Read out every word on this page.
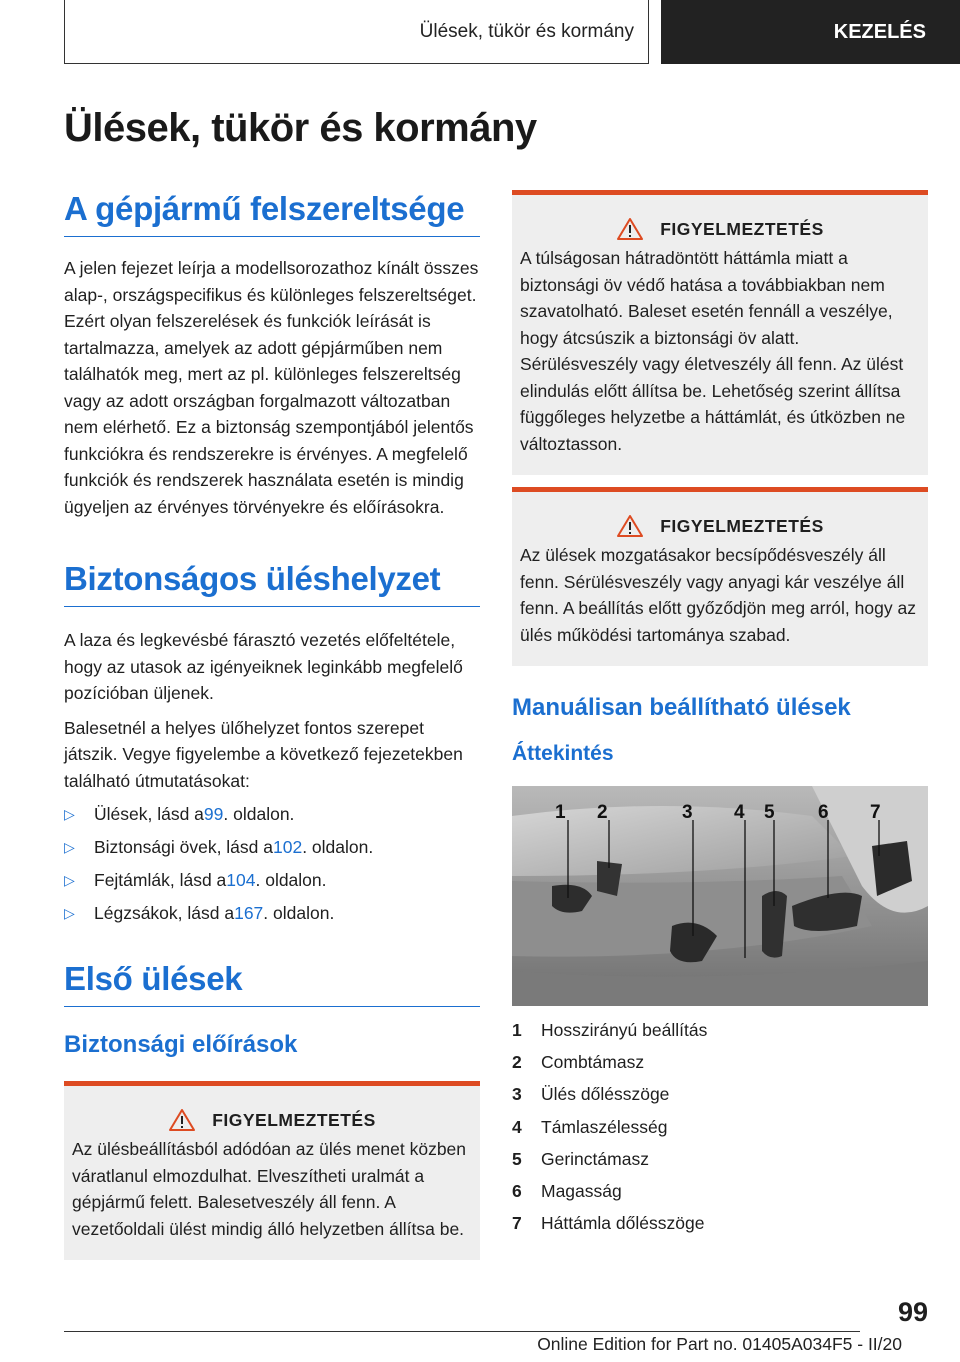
Ülések, tükör és kormány	KEZELÉS
Ülések, tükör és kormány
A gépjármű felszereltsége

A jelen fejezet leírja a modellsorozathoz kínált összes alap-, országspecifikus és különleges felszereltséget. Ezért olyan felszerelések és funkciók leírását is tartalmazza, amelyek az adott gépjárműben nem találhatók meg, mert az pl. különleges felszereltség vagy az adott országban forgalmazott változatban nem elérhető. Ez a biztonság szempontjából jelentős funkciókra és rendszerekre is érvényes. A megfelelő funkciók és rendszerek használata esetén is mindig ügyeljen az érvényes törvényekre és előírásokra.

Biztonságos üléshelyzet

A laza és legkevésbé fárasztó vezetés előfeltétele, hogy az utasok az igényeiknek leginkább megfelelő pozícióban üljenek.

Balesetnél a helyes ülőhelyzet fontos szerepet játszik. Vegye figyelembe a következő fejezetekben található útmutatásokat:

▷	Ülések, lásd a 99 . oldalon.
▷	Biztonsági övek, lásd a 102 . oldalon.
▷	Fejtámlák, lásd a 104 . oldalon.
▷	Légzsákok, lásd a 167 . oldalon.
Első ülések
Biztonsági előírások
FIGYELMEZTETÉS

Az ülésbeállításból adódóan az ülés menet közben váratlanul elmozdulhat. Elveszítheti uralmát a gépjármű felett. Balesetveszély áll fenn. A vezetőoldali ülést mindig álló helyzetben állítsa be.

FIGYELMEZTETÉS

A túlságosan hátradöntött háttámla miatt a biztonsági öv védő hatása a továbbiakban nem szavatolható. Baleset esetén fennáll a veszélye, hogy átcsúszik a biztonsági öv alatt. Sérülésveszély vagy életveszély áll fenn. Az ülést elindulás előtt állítsa be. Lehetőség szerint állítsa függőleges helyzetbe a háttámlát, és útközben ne változtasson.

FIGYELMEZTETÉS

Az ülések mozgatásakor becsípődésveszély áll fenn. Sérülésveszély vagy anyagi kár veszélye áll fenn. A beállítás előtt győződjön meg arról, hogy az ülés működési tartománya szabad.

Manuálisan beállítható ülések
Áttekintés
1 2	3 4 5 6 7
1	Hosszirányú beállítás
2	Combtámasz
3	Ülés dőlésszöge
4	Támlaszélesség
5	Gerinctámasz
6	Magasság
7	Háttámla dőlésszöge
99
Online Edition for Part no. 01405A034F5 - II/20
